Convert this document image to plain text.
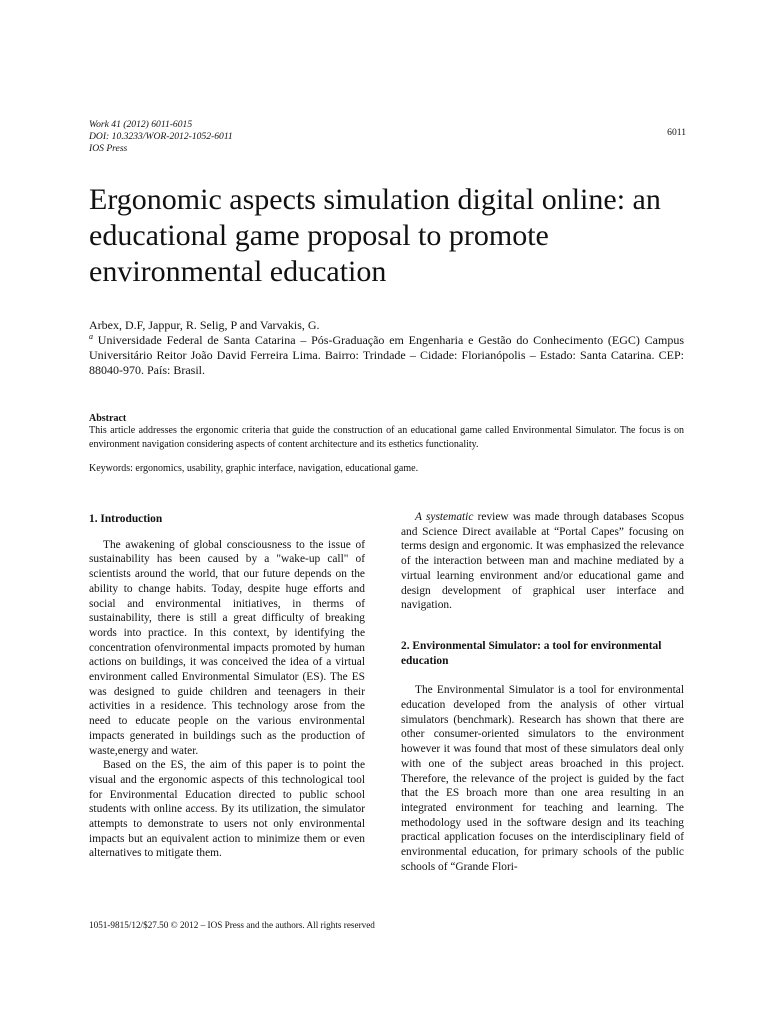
Work 41 (2012) 6011-6015
DOI: 10.3233/WOR-2012-1052-6011
IOS Press
6011
Ergonomic aspects simulation digital online: an educational game proposal to promote environmental education
Arbex, D.F, Jappur, R. Selig, P and Varvakis, G.
$^a$ Universidade Federal de Santa Catarina – Pós-Graduação em Engenharia e Gestão do Conhecimento (EGC) Campus Universitário Reitor João David Ferreira Lima. Bairro: Trindade – Cidade: Florianópolis – Estado: Santa Catarina. CEP: 88040-970. País: Brasil.
Abstract
This article addresses the ergonomic criteria that guide the construction of an educational game called Environmental Simulator. The focus is on environment navigation considering aspects of content architecture and its esthetics functionality.
Keywords: ergonomics, usability, graphic interface, navigation, educational game.
1. Introduction

The awakening of global consciousness to the issue of sustainability has been caused by a "wake-up call" of scientists around the world, that our future depends on the ability to change habits. Today, despite huge efforts and social and environmental initiatives, in therms of sustainability, there is still a great difficulty of breaking words into practice. In this context, by identifying the concentration ofenvironmental impacts promoted by human actions on buildings, it was conceived the idea of a virtual environment called Environmental Simulator (ES). The ES was designed to guide children and teenagers in their activities in a residence. This technology arose from the need to educate people on the various environmental impacts generated in buildings such as the production of waste,energy and water.

Based on the ES, the aim of this paper is to point the visual and the ergonomic aspects of this technological tool for Environmental Education directed to public school students with online access. By its utilization, the simulator attempts to demonstrate to users not only environmental impacts but an equivalent action to minimize them or even alternatives to mitigate them.

A systematic review was made through databases Scopus and Science Direct available at “Portal Capes” focusing on terms design and ergonomic. It was emphasized the relevance of the interaction between man and machine mediated by a virtual learning environment and/or educational game and design development of graphical user interface and navigation.

2. Environmental Simulator: a tool for environmental education

The Environmental Simulator is a tool for environmental education developed from the analysis of other virtual simulators (benchmark). Research has shown that there are other consumer-oriented simulators to the environment however it was found that most of these simulators deal only with one of the subject areas broached in this project. Therefore, the relevance of the project is guided by the fact that the ES broach more than one area resulting in an integrated environment for teaching and learning. The methodology used in the software design and its teaching practical application focuses on the interdisciplinary field of environmental education, for primary schools of the public schools of “Grande Flori-

1051-9815/12/$27.50 © 2012 – IOS Press and the authors. All rights reserved
